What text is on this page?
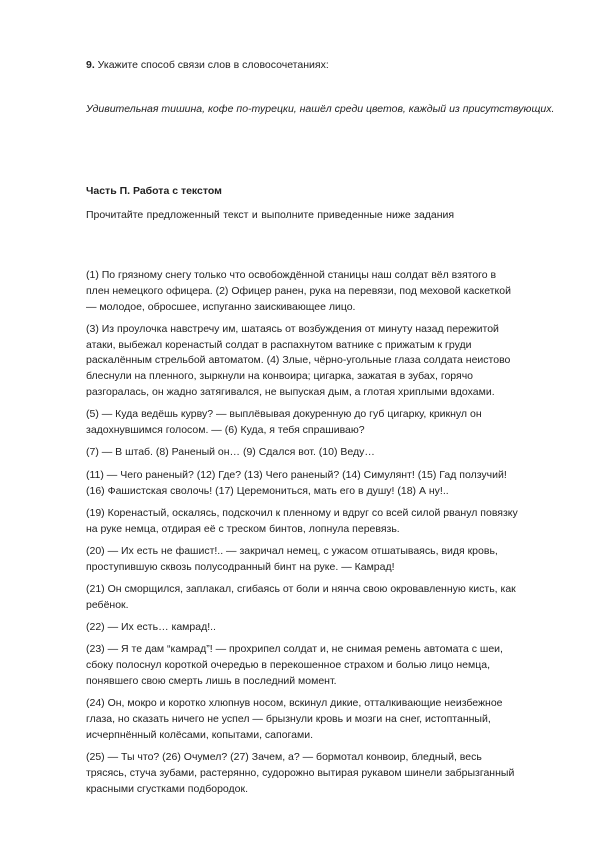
9. Укажите способ связи слов в словосочетаниях:
Удивительная тишина, кофе по-турецки, нашёл среди цветов, каждый из присутствующих.
Часть П. Работа с текстом
Прочитайте предложенный текст и выполните приведенные ниже задания

(1) По грязному снегу только что освобождённой станицы наш солдат вёл взятого в плен немецкого офицера. (2) Офицер ранен, рука на перевязи, под меховой каскеткой — молодое, обросшее, испуганно заискивающее лицо.

(3) Из проулочка навстречу им, шатаясь от возбуждения от минуту назад пережитой атаки, выбежал коренастый солдат в распахнутом ватнике с прижатым к груди раскалённым стрельбой автоматом. (4) Злые, чёрно-угольные глаза солдата неистово блеснули на пленного, зыркнули на конвоира; цигарка, зажатая в зубах, горячо разгоралась, он жадно затягивался, не выпуская дым, а глотая хриплыми вдохами.

(5) — Куда ведёшь курву? — выплёвывая докуренную до губ цигарку, крикнул он задохнувшимся голосом. — (6) Куда, я тебя спрашиваю?

(7) — В штаб. (8) Раненый он… (9) Сдался вот. (10) Веду…

(11) — Чего раненый? (12) Где? (13) Чего раненый? (14) Симулянт! (15) Гад ползучий! (16) Фашистская сволочь! (17) Церемониться, мать его в душу! (18) А ну!..

(19) Коренастый, оскалясь, подскочил к пленному и вдруг со всей силой рванул повязку на руке немца, отдирая её с треском бинтов, лопнула перевязь.

(20) — Их есть не фашист!.. — закричал немец, с ужасом отшатываясь, видя кровь, проступившую сквозь полусодранный бинт на руке. — Камрад!

(21) Он сморщился, заплакал, сгибаясь от боли и нянча свою окровавленную кисть, как ребёнок.

(22) — Их есть… камрад!..

(23) — Я те дам “камрад”! — прохрипел солдат и, не снимая ремень автомата с шеи, сбоку полоснул короткой очередью в перекошенное страхом и болью лицо немца, понявшего свою смерть лишь в последний момент.

(24) Он, мокро и коротко хлюпнув носом, вскинул дикие, отталкивающие неизбежное глаза, но сказать ничего не успел — брызнули кровь и мозги на снег, истоптанный, исчерпнённый колёсами, копытами, сапогами.

(25) — Ты что? (26) Очумел? (27) Зачем, а? — бормотал конвоир, бледный, весь трясясь, стуча зубами, растерянно, судорожно вытирая рукавом шинели забрызганный красными сгустками подбородок.
